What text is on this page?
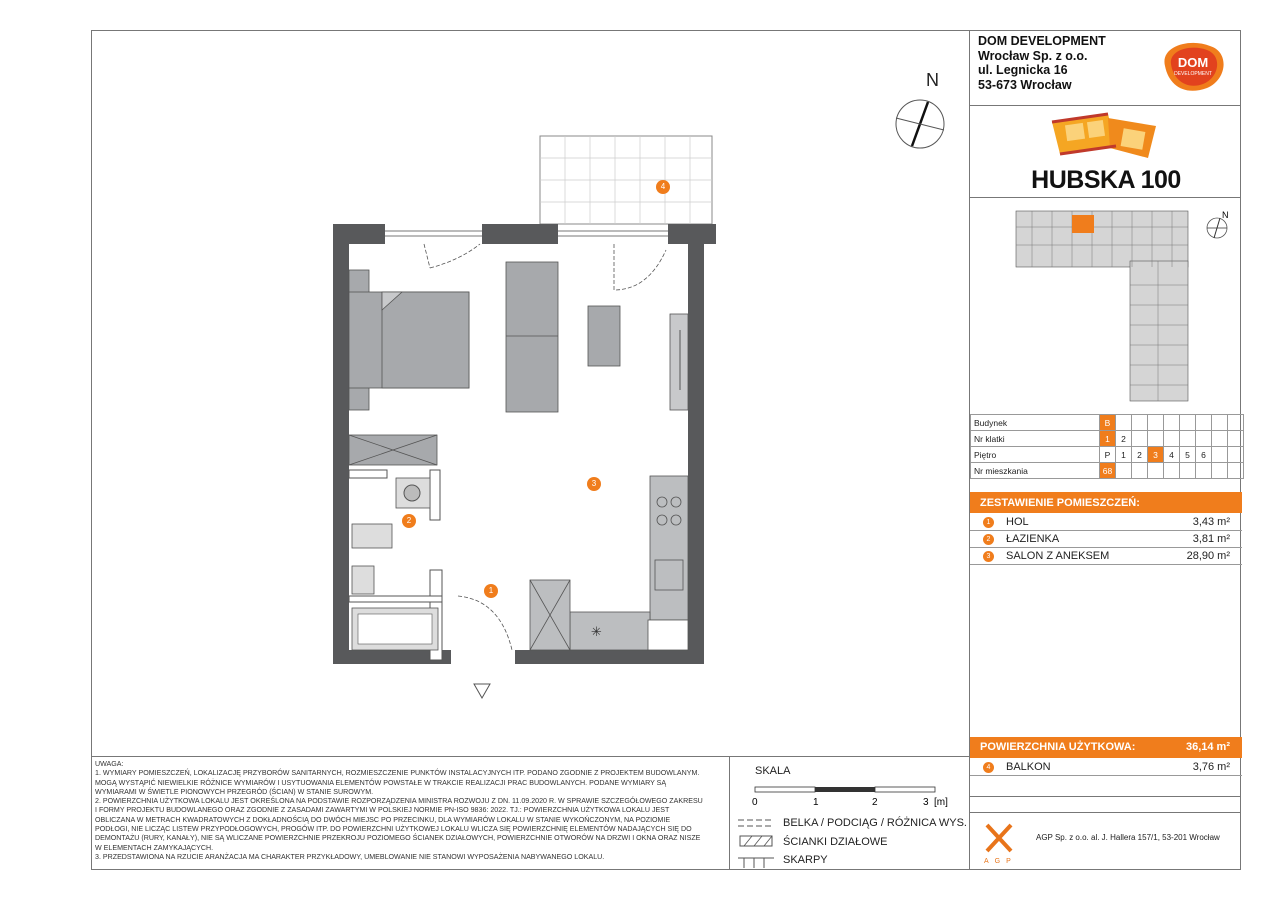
DOM DEVELOPMENT
Wrocław Sp. z o.o.
ul. Legnicka 16
53-673 Wrocław
DOM
DEVELOPMENT
HUBSKA 100
N
Budynek	B								
Nr klatki	1	2							
Piętro	P	1	2	3	4	5	6		
Nr mieszkania	68								
ZESTAWIENIE POMIESZCZEŃ:
1	HOL	3,43 m²
2	ŁAZIENKA	3,81 m²
3	SALON Z ANEKSEM	28,90 m²
POWIERZCHNIA UŻYTKOWA:	36,14 m²
4	BALKON	3,76 m²
N
✳
1
2
3
4
UWAGA:
1. WYMIARY POMIESZCZEŃ, LOKALIZACJĘ PRZYBORÓW SANITARNYCH, ROZMIESZCZENIE PUNKTÓW INSTALACYJNYCH ITP. PODANO ZGODNIE Z PROJEKTEM BUDOWLANYM.
MOGĄ WYSTĄPIĆ NIEWIELKIE RÓŻNICE WYMIARÓW I USYTUOWANIA ELEMENTÓW POWSTAŁE W TRAKCIE REALIZACJI PRAC BUDOWLANYCH. PODANE WYMIARY SĄ
WYMIARAMI W ŚWIETLE PIONOWYCH PRZEGRÓD (ŚCIAN) W STANIE SUROWYM.
2. POWIERZCHNIA UŻYTKOWA LOKALU JEST OKREŚLONA NA PODSTAWIE ROZPORZĄDZENIA MINISTRA ROZWOJU Z DN. 11.09.2020 R. W SPRAWIE SZCZEGÓŁOWEGO ZAKRESU
I FORMY PROJEKTU BUDOWLANEGO ORAZ ZGODNIE Z ZASADAMI ZAWARTYMI W POLSKIEJ NORMIE PN-ISO 9836: 2022. TJ.: POWIERZCHNIA UŻYTKOWA LOKALU JEST
OBLICZANA W METRACH KWADRATOWYCH Z DOKŁADNOŚCIĄ DO DWÓCH MIEJSC PO PRZECINKU, DLA WYMIARÓW LOKALU W STANIE WYKOŃCZONYM, NA POZIOMIE
PODŁOGI, NIE LICZĄC LISTEW PRZYPODŁOGOWYCH, PROGÓW ITP. DO POWIERZCHNI UŻYTKOWEJ LOKALU WLICZA SIĘ POWIERZCHNIĘ ELEMENTÓW NADAJĄCYCH SIĘ DO
DEMONTAŻU (RURY, KANAŁY), NIE SĄ WLICZANE POWIERZCHNIE PRZEKROJU POZIOMEGO ŚCIANEK DZIAŁOWYCH, POWIERZCHNIE OTWORÓW NA DRZWI I OKNA ORAZ NISZE
W ELEMENTACH ZAMYKAJĄCYCH.
3. PRZEDSTAWIONA NA RZUCIE ARANŻACJA MA CHARAKTER PRZYKŁADOWY, UMEBLOWANIE NIE STANOWI WYPOSAŻENIA NABYWANEGO LOKALU.
SKALA
0	1	2	3 [m]
BELKA / PODCIĄG / RÓŻNICA WYS.
ŚCIANKI DZIAŁOWE
SKARPY	AGP
AGP Sp. z o.o. al. J. Hallera 157/1, 53-201 Wrocław
